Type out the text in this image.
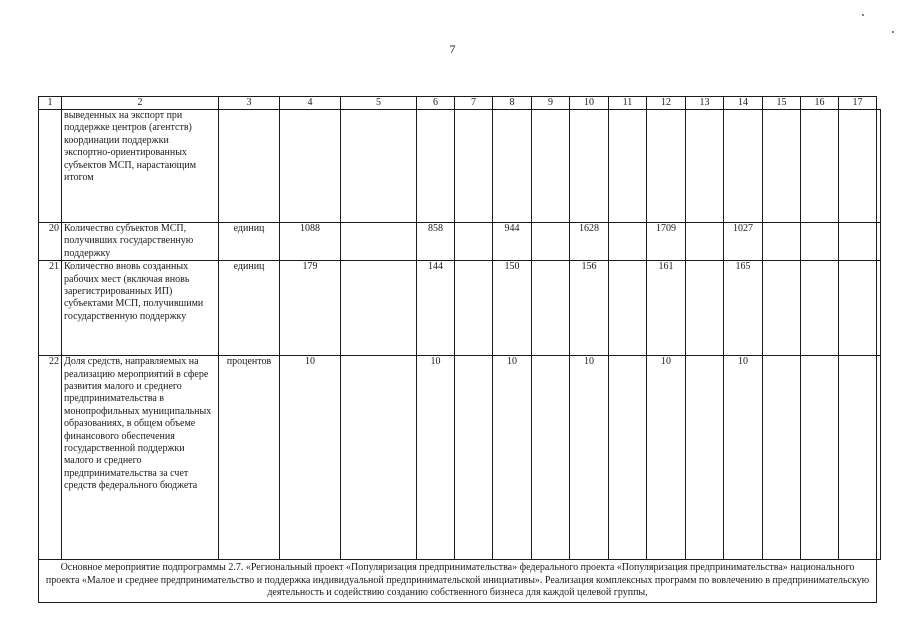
7
1	2	3	4	5	6	7	8	9	10	11	12	13	14	15	16	17	
	выведенных на экспорт при поддержке центров (агентств) координации поддержки экспортно-ориентированных субъектов МСП, нарастающим итогом																
20	Количество субъектов МСП, получивших государственную поддержку	единиц	1088		858		944		1628		1709		1027				
21	Количество вновь созданных рабочих мест (включая вновь зарегистрированных ИП) субъектами МСП, получившими государственную поддержку	единиц	179		144		150		156		161		165				
22	Доля средств, направляемых на реализацию мероприятий в сфере развития малого и среднего предпринимательства в монопрофильных муниципальных образованиях, в общем объеме финансового обеспечения государственной поддержки малого и среднего предпринимательства за счет средств федерального бюджета	процентов	10		10		10		10		10		10				
Основное мероприятие подпрограммы 2.7. «Региональный проект «Популяризация предпринимательства» федерального проекта «Популяризация предпринимательства» национального проекта «Малое и среднее предпринимательство и поддержка индивидуальной предпринимательской инициативы». Реализация комплексных программ по вовлечению в предпринимательскую деятельность и содействию созданию собственного бизнеса для каждой целевой группы,																	
